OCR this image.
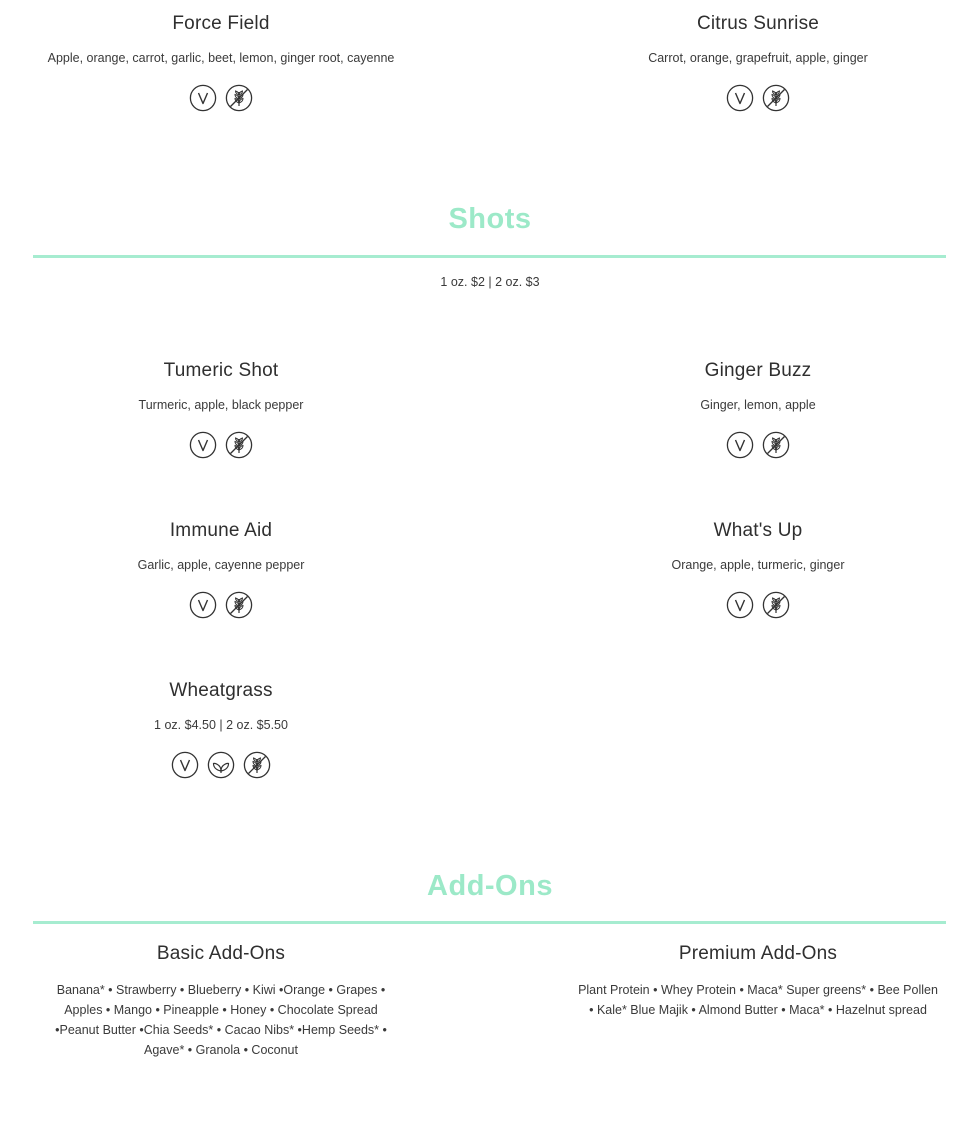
Force Field
Apple, orange, carrot, garlic, beet, lemon, ginger root, cayenne
Citrus Sunrise
Carrot, orange, grapefruit, apple, ginger
Shots
1 oz. $2 | 2 oz. $3
Tumeric Shot
Turmeric, apple, black pepper
Ginger Buzz
Ginger, lemon, apple
Immune Aid
Garlic, apple, cayenne pepper
What's Up
Orange, apple, turmeric, ginger
Wheatgrass
1 oz. $4.50 | 2 oz. $5.50
Add-Ons
Basic Add-Ons
Banana* • Strawberry • Blueberry • Kiwi •Orange • Grapes •
Apples • Mango • Pineapple • Honey • Chocolate Spread
•Peanut Butter •Chia Seeds* • Cacao Nibs* •Hemp Seeds* •
Agave* • Granola • Coconut
Premium Add-Ons
Plant Protein • Whey Protein • Maca* Super greens* • Bee Pollen
• Kale* Blue Majik • Almond Butter • Maca* • Hazelnut spread
